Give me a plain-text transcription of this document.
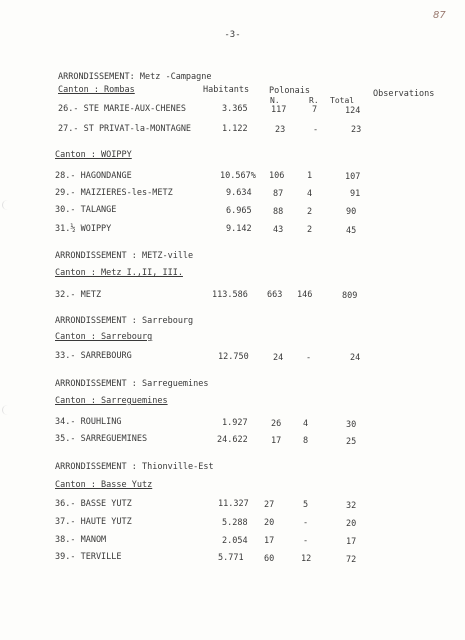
87
-3-
ARRONDISSEMENT: Metz -Campagne
Canton : Rombas	Habitants Polonais	Observations
N.	R. Total
26.- STE MARIE-AUX-CHENES	3.365	117	7	124
27.- ST PRIVAT-la-MONTAGNE	1.122	23	-	23
Canton : WOIPPY
28.- HAGONDANGE	10.567% 106	1	107
29.- MAIZIERES-les-METZ	9.634	87	4	91
30.- TALANGE	6.965	88	2	90
31.½ WOIPPY	9.142	43	2	45
ARRONDISSEMENT : METZ-ville
Canton : Metz I.,II, III.
32.- METZ	113.586 663 146	809
ARRONDISSEMENT : Sarrebourg
Canton : Sarrebourg
33.- SARREBOURG	12.750	24	-	24
ARRONDISSEMENT : Sarreguemines
Canton : Sarreguemines
34.- ROUHLING	1.927	26	4	30
35.- SARREGUEMINES	24.622	17	8	25
ARRONDISSEMENT : Thionville-Est
Canton : Basse Yutz
36.- BASSE YUTZ	11.327 27	5	32
37.- HAUTE YUTZ	5.288 20	-	20
38.- MANOM	2.054 17	-	17
39.- TERVILLE	5.771 60	12	72
